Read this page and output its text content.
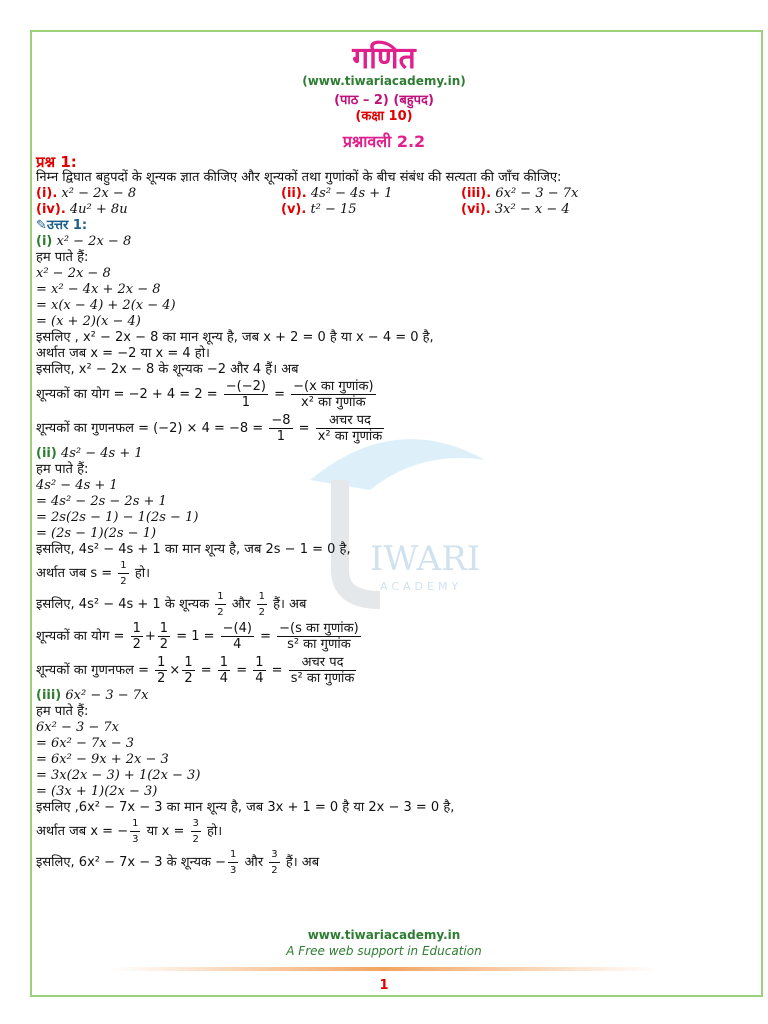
IWARI
ACADEMY
गणित
(www.tiwariacademy.in)
(पाठ – 2) (बहुपद)
(कक्षा 10)
प्रश्नावली 2.2
प्रश्न 1:
निम्न द्विघात बहुपदों के शून्यक ज्ञात कीजिए और शून्यकों तथा गुणांकों के बीच संबंध की सत्यता की जाँच कीजिए:
(i). x² − 2x − 8	(ii). 4s² − 4s + 1	(iii). 6x² − 3 − 7x
(iv). 4u² + 8u	(v). t² − 15	(vi). 3x² − x − 4
✎उत्तर 1:
(i) x² − 2x − 8
हम पाते हैं:
x² − 2x − 8
= x² − 4x + 2x − 8
= x(x − 4) + 2(x − 4)
= (x + 2)(x − 4)
इसलिए , x² − 2x − 8 का मान शून्य है, जब x + 2 = 0 है या x − 4 = 0 है,
अर्थात जब x = −2 या x = 4 हो।
इसलिए, x² − 2x − 8 के शून्यक −2 और 4 हैं। अब
शून्यकों का योग = $-2 + 4 = 2 = \frac{-(-2)}{1} = \frac{\text{−(x का गुणांक)}}{\text{x² का गुणांक}}$
शून्यकों का गुणनफल = $(-2) \times 4 = -8 = \frac{-8}{1} = \frac{\text{अचर पद}}{\text{x² का गुणांक}}$
(ii) 4s² − 4s + 1
हम पाते हैं:
4s² − 4s + 1
= 4s² − 2s − 2s + 1
= 2s(2s − 1) − 1(2s − 1)
= (2s − 1)(2s − 1)
इसलिए, 4s² − 4s + 1 का मान शून्य है, जब 2s − 1 = 0 है,
अर्थात जब $s = \frac{1}{2}$ हो।
इसलिए, 4s² − 4s + 1 के शून्यक $\frac{1}{2}$ और $\frac{1}{2}$ हैं। अब
शून्यकों का योग = $\frac{1}{2} + \frac{1}{2} = 1 = \frac{-(4)}{4} = \frac{\text{−(s का गुणांक)}}{\text{s² का गुणांक}}$
शून्यकों का गुणनफल = $\frac{1}{2} \times \frac{1}{2} = \frac{1}{4} = \frac{1}{4} = \frac{\text{अचर पद}}{\text{s² का गुणांक}}$
(iii) 6x² − 3 − 7x
हम पाते हैं:
6x² − 3 − 7x
= 6x² − 7x − 3
= 6x² − 9x + 2x − 3
= 3x(2x − 3) + 1(2x − 3)
= (3x + 1)(2x − 3)
इसलिए ,6x² − 7x − 3 का मान शून्य है, जब 3x + 1 = 0 है या 2x − 3 = 0 है,
अर्थात जब x = − $\frac{1}{3}$ या $x = \frac{3}{2}$ हो।
इसलिए, 6x² − 7x − 3 के शून्यक − $\frac{1}{3}$ और $\frac{3}{2}$ हैं। अब
www.tiwariacademy.in
A Free web support in Education
1
